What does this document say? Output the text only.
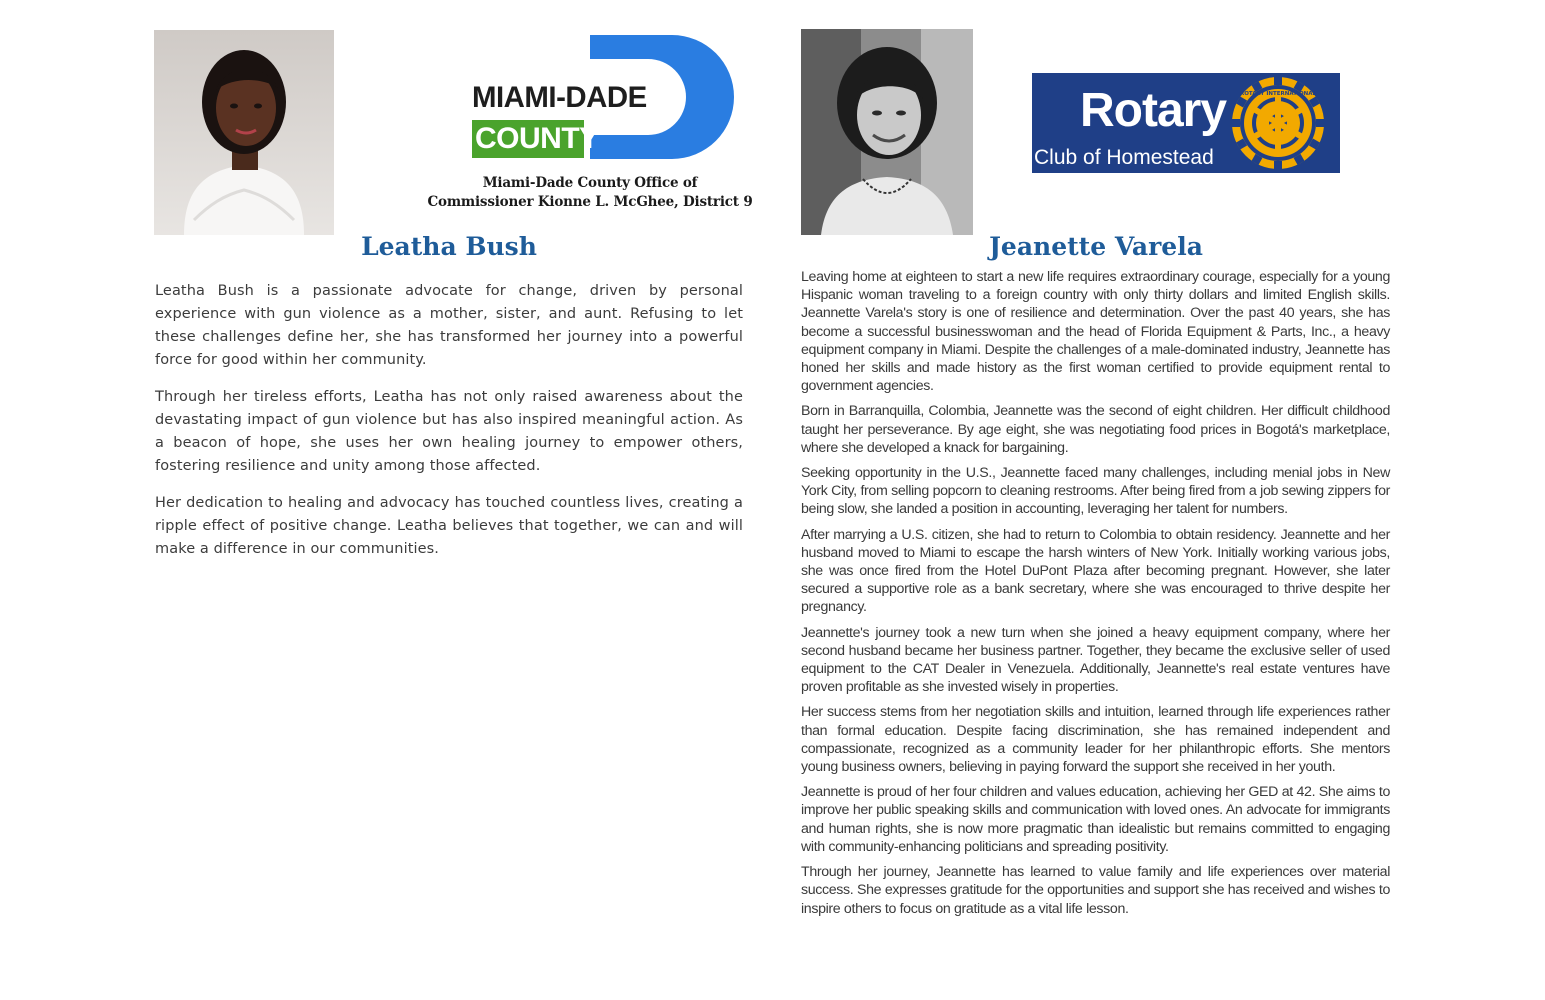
MIAMI-DADE
COUNTY
Miami-Dade County Office of
Commissioner Kionne L. McGhee, District 9
Leatha Bush

Leatha Bush is a passionate advocate for change, driven by personal experience with gun violence as a mother, sister, and aunt. Refusing to let these challenges define her, she has transformed her journey into a powerful force for good within her community.

Through her tireless efforts, Leatha has not only raised awareness about the devastating impact of gun violence but has also inspired meaningful action. As a beacon of hope, she uses her own healing journey to empower others, fostering resilience and unity among those affected.

Her dedication to healing and advocacy has touched countless lives, creating a ripple effect of positive change. Leatha believes that together, we can and will make a difference in our communities.

Rotary
Club of Homestead
ROTARY INTERNATIONAL
Jeanette Varela

Leaving home at eighteen to start a new life requires extraordinary courage, especially for a young Hispanic woman traveling to a foreign country with only thirty dollars and limited English skills. Jeannette Varela's story is one of resilience and determination. Over the past 40 years, she has become a successful businesswoman and the head of Florida Equipment & Parts, Inc., a heavy equipment company in Miami. Despite the challenges of a male-dominated industry, Jeannette has honed her skills and made history as the first woman certified to provide equipment rental to government agencies.

Born in Barranquilla, Colombia, Jeannette was the second of eight children. Her difficult childhood taught her perseverance. By age eight, she was negotiating food prices in Bogotá's marketplace, where she developed a knack for bargaining.

Seeking opportunity in the U.S., Jeannette faced many challenges, including menial jobs in New York City, from selling popcorn to cleaning restrooms. After being fired from a job sewing zippers for being slow, she landed a position in accounting, leveraging her talent for numbers.

After marrying a U.S. citizen, she had to return to Colombia to obtain residency. Jeannette and her husband moved to Miami to escape the harsh winters of New York. Initially working various jobs, she was once fired from the Hotel DuPont Plaza after becoming pregnant. However, she later secured a supportive role as a bank secretary, where she was encouraged to thrive despite her pregnancy.

Jeannette's journey took a new turn when she joined a heavy equipment company, where her second husband became her business partner. Together, they became the exclusive seller of used equipment to the CAT Dealer in Venezuela. Additionally, Jeannette's real estate ventures have proven profitable as she invested wisely in properties.

Her success stems from her negotiation skills and intuition, learned through life experiences rather than formal education. Despite facing discrimination, she has remained independent and compassionate, recognized as a community leader for her philanthropic efforts. She mentors young business owners, believing in paying forward the support she received in her youth.

Jeannette is proud of her four children and values education, achieving her GED at 42. She aims to improve her public speaking skills and communication with loved ones. An advocate for immigrants and human rights, she is now more pragmatic than idealistic but remains committed to engaging with community-enhancing politicians and spreading positivity.

Through her journey, Jeannette has learned to value family and life experiences over material success. She expresses gratitude for the opportunities and support she has received and wishes to inspire others to focus on gratitude as a vital life lesson.
